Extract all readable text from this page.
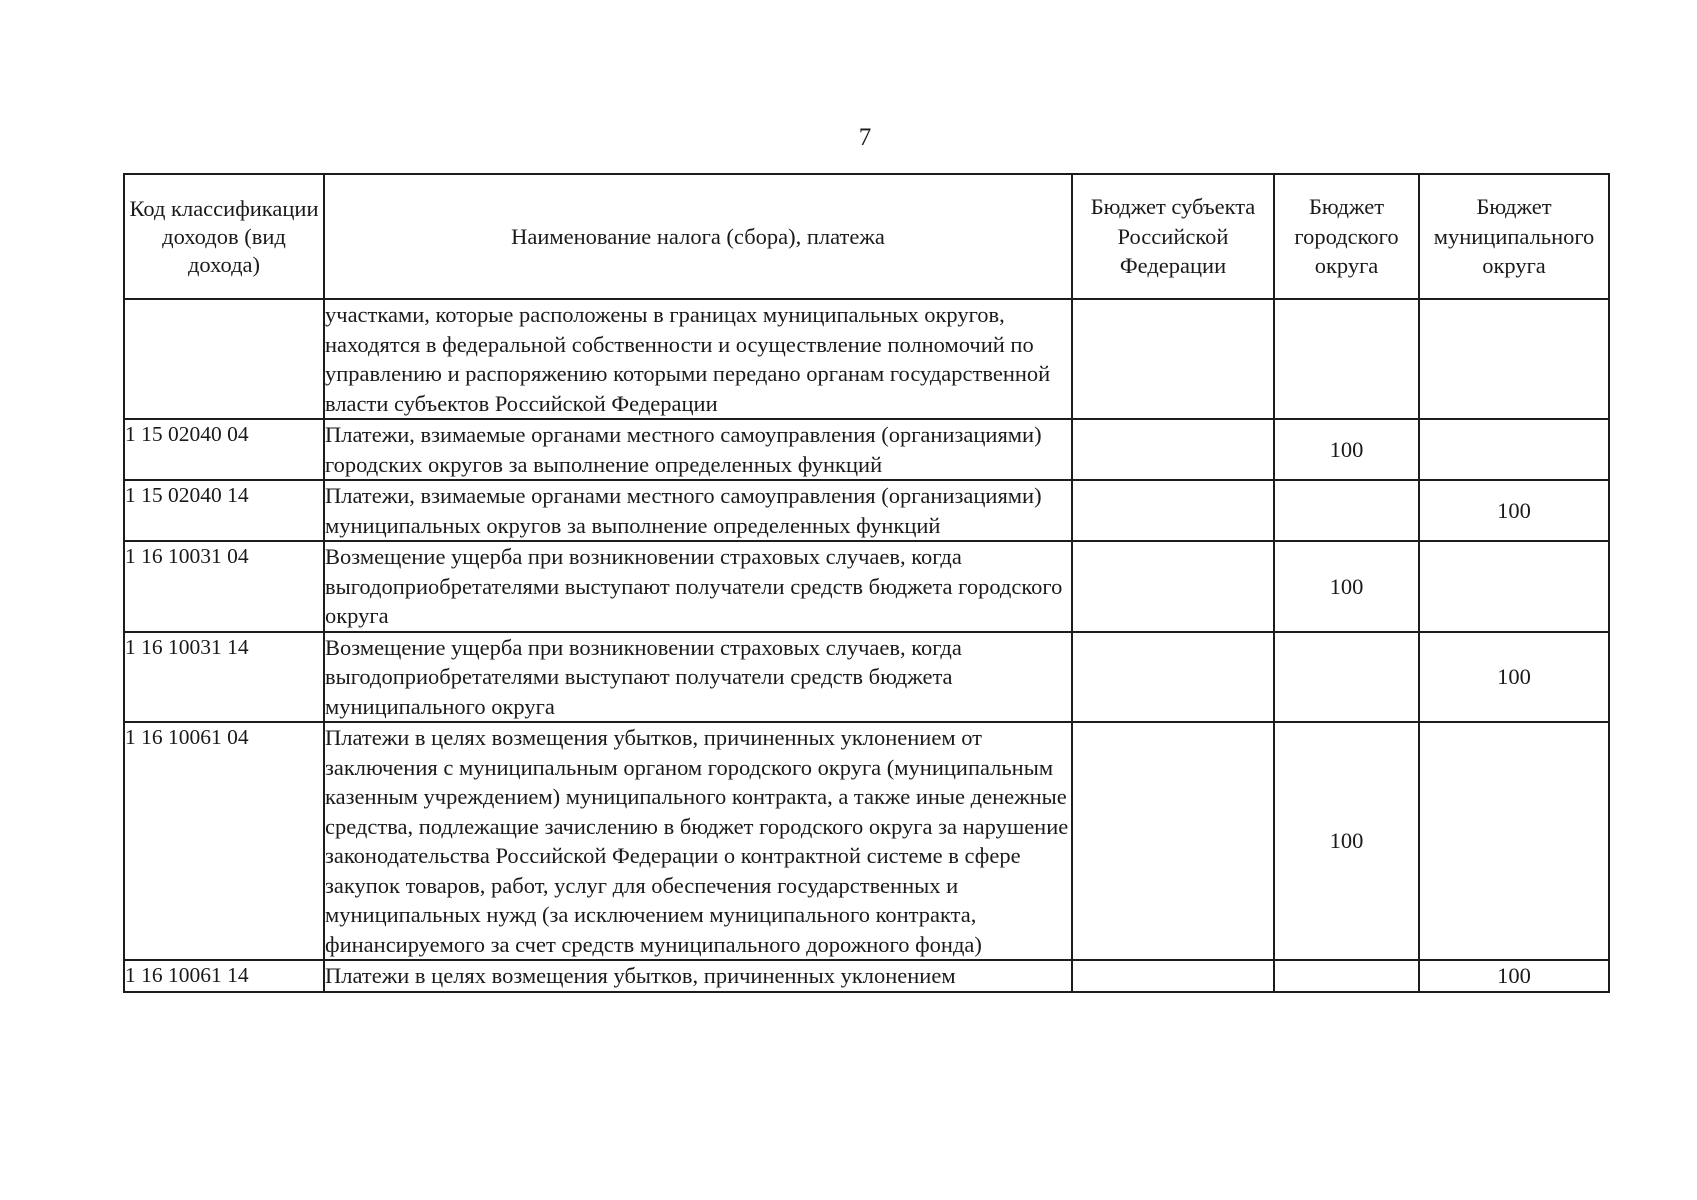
7
Код классификации доходов (вид дохода)	Наименование налога (сбора), платежа	Бюджет субъекта Российской Федерации	Бюджет городского округа	Бюджет муниципального округа
	участками, которые расположены в границах муниципальных округов, находятся в федеральной собственности и осуществление полномочий по управлению и распоряжению которыми передано органам государственной власти субъектов Российской Федерации			
1 15 02040 04	Платежи, взимаемые органами местного самоуправления (организациями) городских округов за выполнение определенных функций		100	
1 15 02040 14	Платежи, взимаемые органами местного самоуправления (организациями) муниципальных округов за выполнение определенных функций			100
1 16 10031 04	Возмещение ущерба при возникновении страховых случаев, когда выгодоприобретателями выступают получатели средств бюджета городского округа		100	
1 16 10031 14	Возмещение ущерба при возникновении страховых случаев, когда выгодоприобретателями выступают получатели средств бюджета муниципального округа			100
1 16 10061 04	Платежи в целях возмещения убытков, причиненных уклонением от заключения с муниципальным органом городского округа (муниципальным казенным учреждением) муниципального контракта, а также иные денежные средства, подлежащие зачислению в бюджет городского округа за нарушение законодательства Российской Федерации о контрактной системе в сфере закупок товаров, работ, услуг для обеспечения государственных и муниципальных нужд (за исключением муниципального контракта, финансируемого за счет средств муниципального дорожного фонда)		100	
1 16 10061 14	Платежи в целях возмещения убытков, причиненных уклонением			100
